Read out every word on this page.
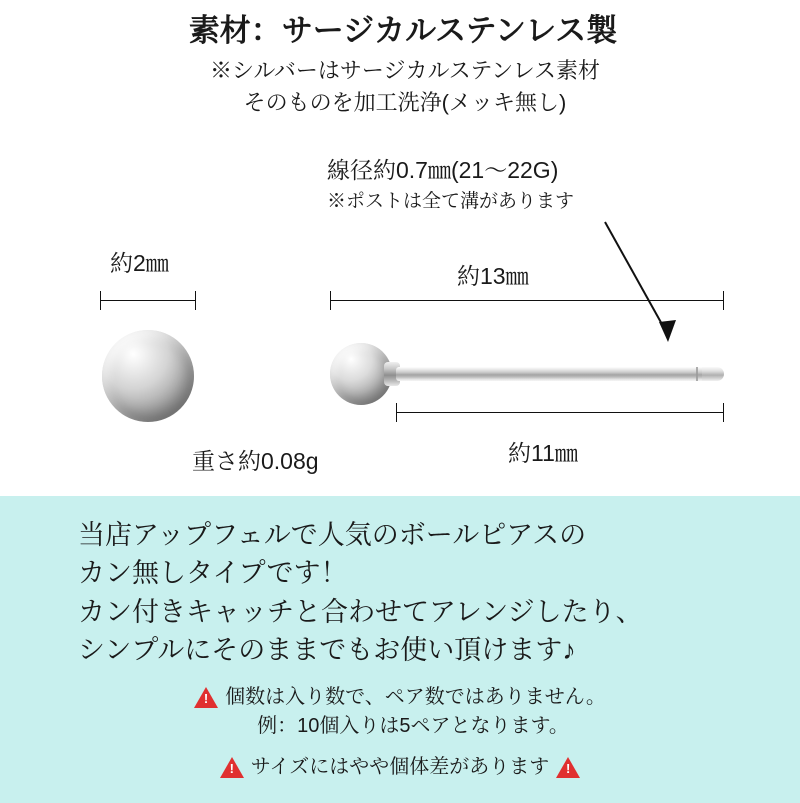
素材：サージカルステンレス製
※シルバーはサージカルステンレス素材
そのものを加工洗浄(メッキ無し)
線径約0.7㎜(21～22G)
※ポストは全て溝があります
約2㎜	約13㎜
約11㎜
重さ約0.08g
当店アップフェルで人気のボールピアスの
カン無しタイプです！
カン付きキャッチと合わせてアレンジしたり、
シンプルにそのままでもお使い頂けます♪
!
個数は入り数で、ペア数ではありません。
例：10個入りは5ペアとなります。
!
サイズにはやや個体差があります
!
